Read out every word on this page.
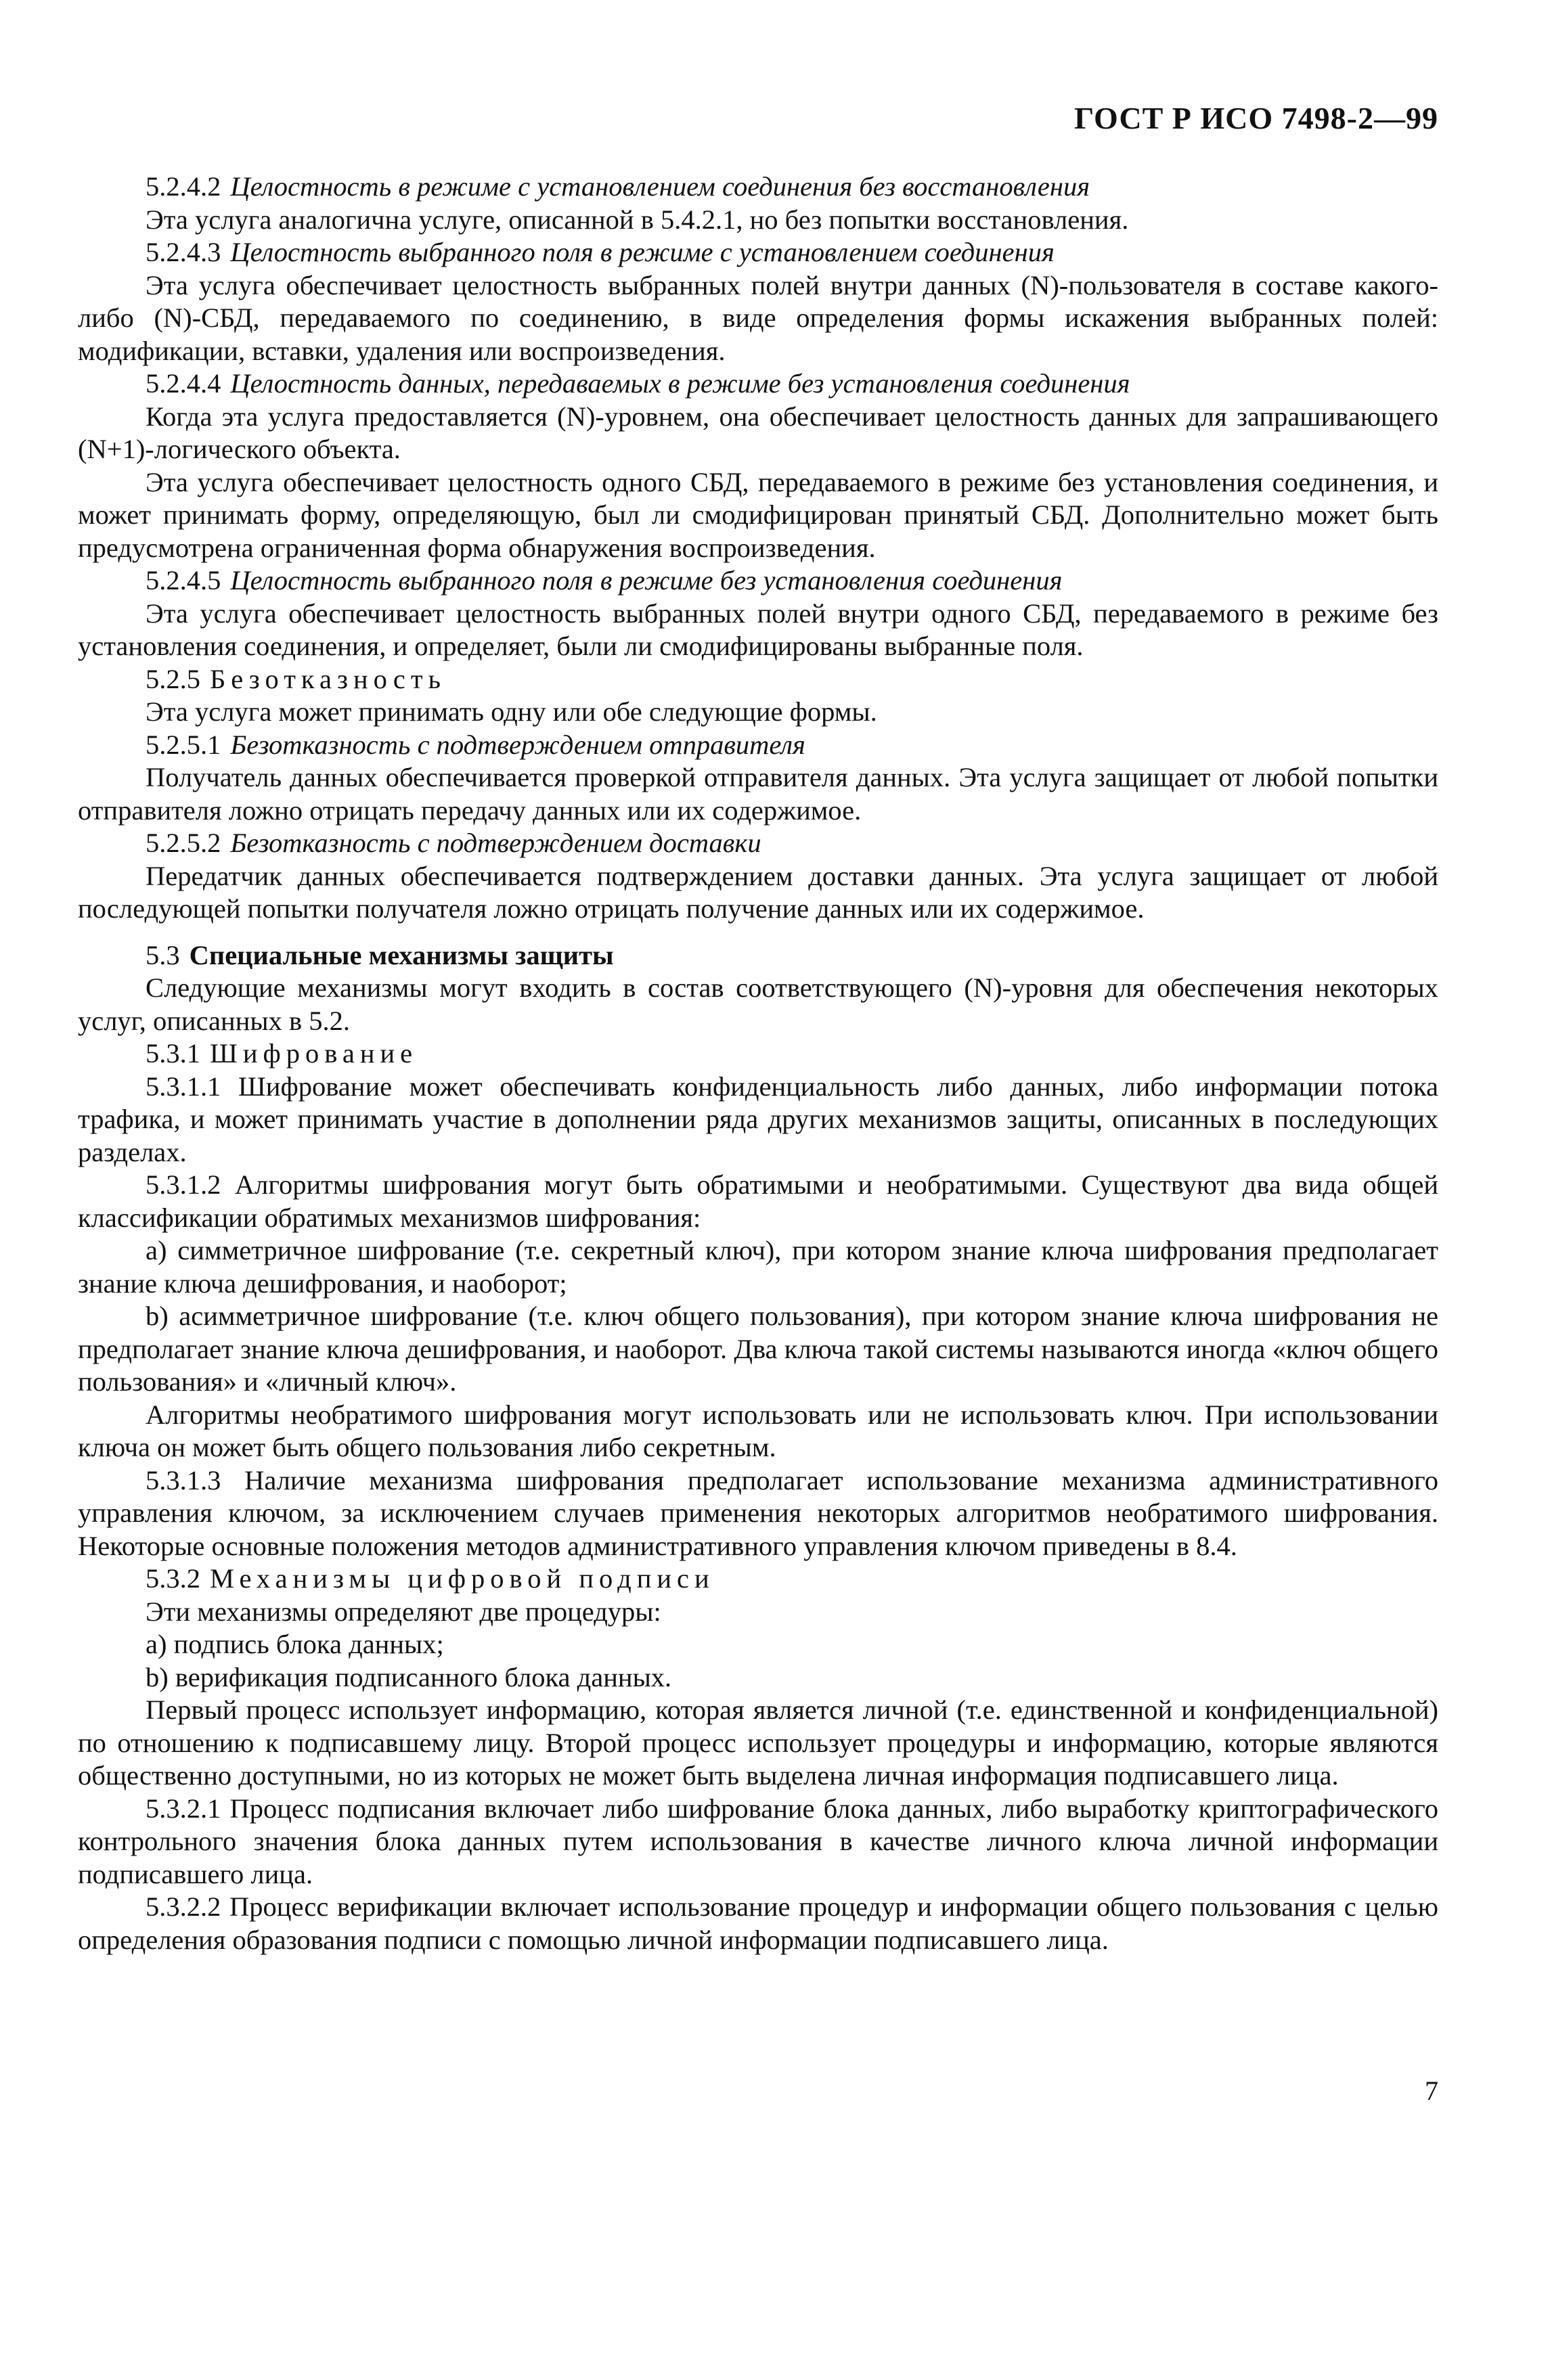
ГОСТ Р ИСО 7498-2—99

5.2.4.2 Целостность в режиме с установлением соединения без восстановления

Эта услуга аналогична услуге, описанной в 5.4.2.1, но без попытки восстановления.

5.2.4.3 Целостность выбранного поля в режиме с установлением соединения

Эта услуга обеспечивает целостность выбранных полей внутри данных (N)-пользователя в составе какого-либо (N)-СБД, передаваемого по соединению, в виде определения формы искажения выбранных полей: модификации, вставки, удаления или воспроизведения.

5.2.4.4 Целостность данных, передаваемых в режиме без установления соединения

Когда эта услуга предоставляется (N)-уровнем, она обеспечивает целостность данных для запрашивающего (N+1)-логического объекта.

Эта услуга обеспечивает целостность одного СБД, передаваемого в режиме без установления соединения, и может принимать форму, определяющую, был ли смодифицирован принятый СБД. Дополнительно может быть предусмотрена ограниченная форма обнаружения воспроизведения.

5.2.4.5 Целостность выбранного поля в режиме без установления соединения

Эта услуга обеспечивает целостность выбранных полей внутри одного СБД, передаваемого в режиме без установления соединения, и определяет, были ли смодифицированы выбранные поля.

5.2.5 Безотказность

Эта услуга может принимать одну или обе следующие формы.

5.2.5.1 Безотказность с подтверждением отправителя

Получатель данных обеспечивается проверкой отправителя данных. Эта услуга защищает от любой попытки отправителя ложно отрицать передачу данных или их содержимое.

5.2.5.2 Безотказность с подтверждением доставки

Передатчик данных обеспечивается подтверждением доставки данных. Эта услуга защищает от любой последующей попытки получателя ложно отрицать получение данных или их содержимое.

5.3 Специальные механизмы защиты

Следующие механизмы могут входить в состав соответствующего (N)-уровня для обеспечения некоторых услуг, описанных в 5.2.

5.3.1 Шифрование

5.3.1.1 Шифрование может обеспечивать конфиденциальность либо данных, либо информации потока трафика, и может принимать участие в дополнении ряда других механизмов защиты, описанных в последующих разделах.

5.3.1.2 Алгоритмы шифрования могут быть обратимыми и необратимыми. Существуют два вида общей классификации обратимых механизмов шифрования:

a) симметричное шифрование (т.е. секретный ключ), при котором знание ключа шифрования предполагает знание ключа дешифрования, и наоборот;

b) асимметричное шифрование (т.е. ключ общего пользования), при котором знание ключа шифрования не предполагает знание ключа дешифрования, и наоборот. Два ключа такой системы называются иногда «ключ общего пользования» и «личный ключ».

Алгоритмы необратимого шифрования могут использовать или не использовать ключ. При использовании ключа он может быть общего пользования либо секретным.

5.3.1.3 Наличие механизма шифрования предполагает использование механизма административного управления ключом, за исключением случаев применения некоторых алгоритмов необратимого шифрования. Некоторые основные положения методов административного управления ключом приведены в 8.4.

5.3.2 Механизмы цифровой подписи

Эти механизмы определяют две процедуры:

a) подпись блока данных;

b) верификация подписанного блока данных.

Первый процесс использует информацию, которая является личной (т.е. единственной и конфиденциальной) по отношению к подписавшему лицу. Второй процесс использует процедуры и информацию, которые являются общественно доступными, но из которых не может быть выделена личная информация подписавшего лица.

5.3.2.1 Процесс подписания включает либо шифрование блока данных, либо выработку криптографического контрольного значения блока данных путем использования в качестве личного ключа личной информации подписавшего лица.

5.3.2.2 Процесс верификации включает использование процедур и информации общего пользования с целью определения образования подписи с помощью личной информации подписавшего лица.

7
